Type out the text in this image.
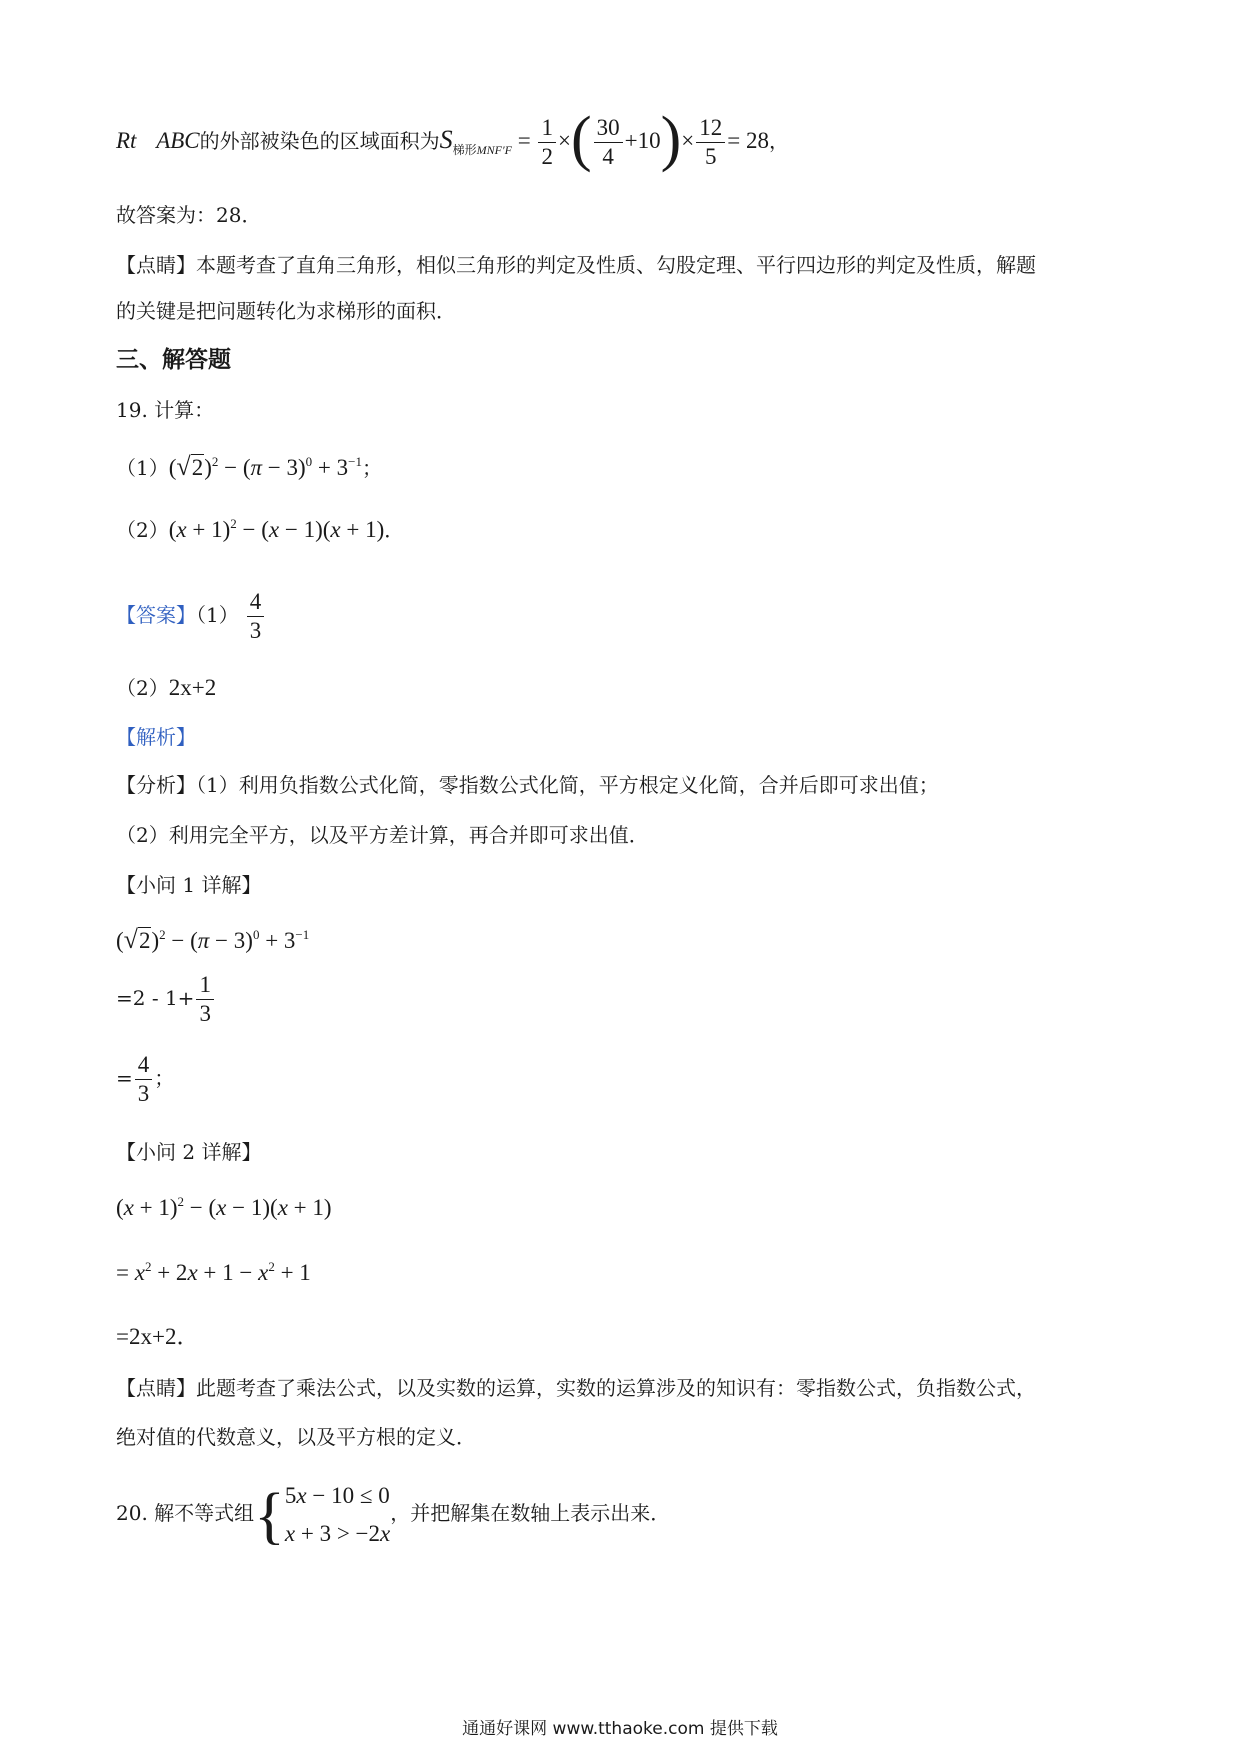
Rt ABC的外部被染色的区域面积为$S_{梯形MNF'F} = \frac{1}{2}$ ×( $\frac{30}{4} +10)\times \frac{12}{5} = 28$，
故答案为：28．
【点睛】本题考查了直角三角形，相似三角形的判定及性质、勾股定理、平行四边形的判定及性质，解题
的关键是把问题转化为求梯形的面积．
三、解答题
19. 计算：
$(1)(√2)^2 - (\pi - 3)^0 + 3^{-1}$；
$(2)(x + 1)^2 - (x - 1)(x + 1)$．
【答案】$(1) \frac{4}{3}$
（2）2x+2
【解析】
【分析】（1）利用负指数公式化简，零指数公式化简，平方根定义化简，合并后即可求出值；
（2）利用完全平方，以及平方差计算，再合并即可求出值．
【小问 1 详解】
$(√2)^2 - (\pi - 3)^0 + 3^{-1}$
$=2 - 1+ \frac{1}{3}$
= $\frac{4}{3}$ ；
【小问 2 详解】
$(x + 1)^2 - (x - 1)(x + 1)$
= $x^2 + 2x + 1 - x^2 + 1$
=2x+2．
【点睛】此题考查了乘法公式，以及实数的运算，实数的运算涉及的知识有：零指数公式，负指数公式，
绝对值的代数意义，以及平方根的定义．
20. 解不等式组{ 5x − 10 ≤ 0
x + 3 > −2x
，并把解集在数轴上表示出来．
通通好课网 www.tthaoke.com 提供下载
